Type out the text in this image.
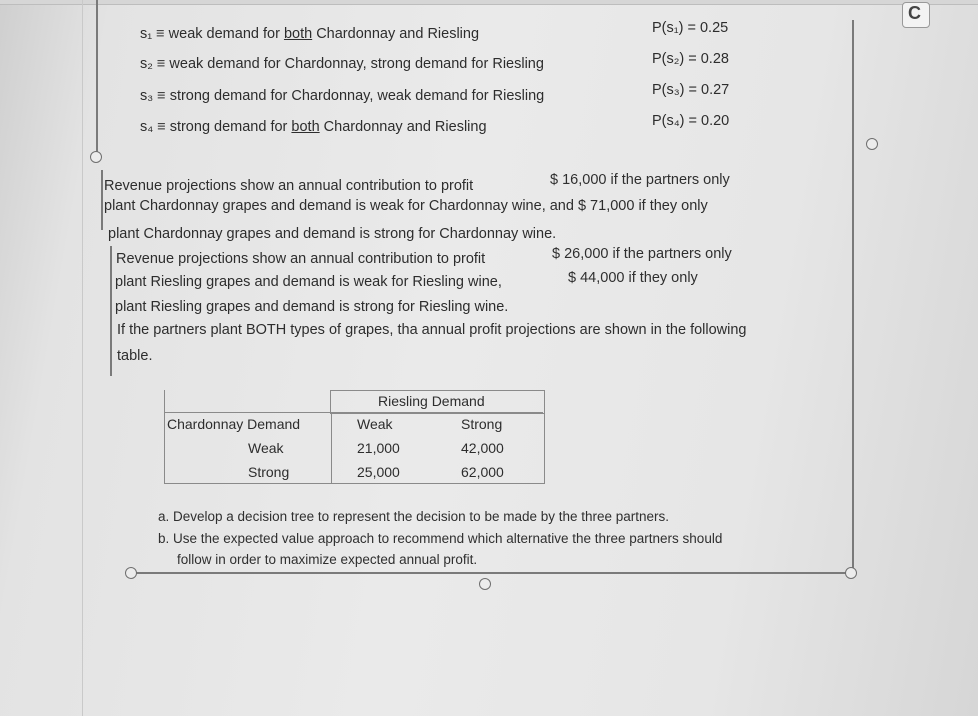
C
s₁ ≡ weak demand for both Chardonnay and Riesling	P(s₁) = 0.25
s₂ ≡ weak demand for Chardonnay, strong demand for Riesling	P(s₂) = 0.28
s₃ ≡ strong demand for Chardonnay, weak demand for Riesling	P(s₃) = 0.27
s₄ ≡ strong demand for both Chardonnay and Riesling	P(s₄) = 0.20
Revenue projections show an annual contribution to profit	$ 16,000 if the partners only
plant Chardonnay grapes and demand is weak for Chardonnay wine, and $ 71,000 if they only
plant Chardonnay grapes and demand is strong for Chardonnay wine.
Revenue projections show an annual contribution to profit	$ 26,000 if the partners only
plant Riesling grapes and demand is weak for Riesling wine,	$ 44,000 if they only
plant Riesling grapes and demand is strong for Riesling wine.
If the partners plant BOTH types of grapes, tha annual profit projections are shown in the following
table.
Riesling Demand
Chardonnay Demand	Weak	Strong
Weak	21,000	42,000
Strong	25,000	62,000
a. Develop a decision tree to represent the decision to be made by the three partners.
b. Use the expected value approach to recommend which alternative the three partners should
follow in order to maximize expected annual profit.
